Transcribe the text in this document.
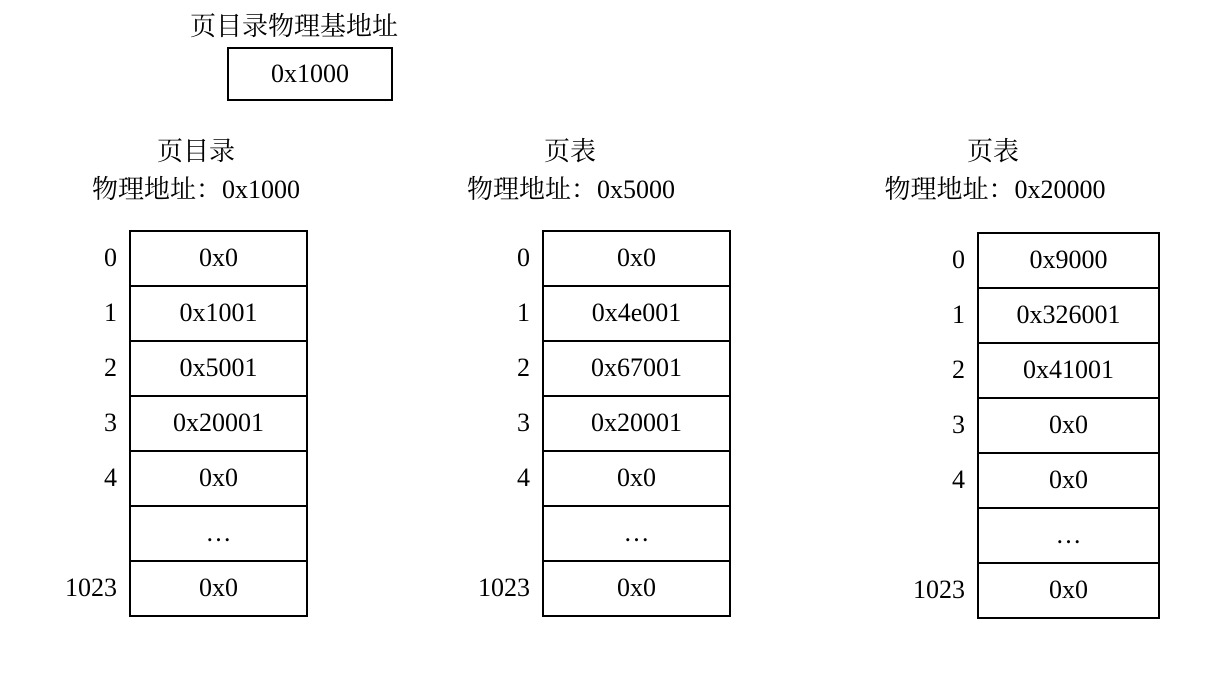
页目录物理基地址
0x1000
页目录
物理地址：0x1000
0x0
0
0x1001
1
0x5001
2
0x20001
3
0x0
4
…
0x0
1023
页表
物理地址：0x5000
0x0
0
0x4e001
1
0x67001
2
0x20001
3
0x0
4
…
0x0
1023
页表
物理地址：0x20000
0x9000
0
0x326001
1
0x41001
2
0x0
3
0x0
4
…
0x0
1023
